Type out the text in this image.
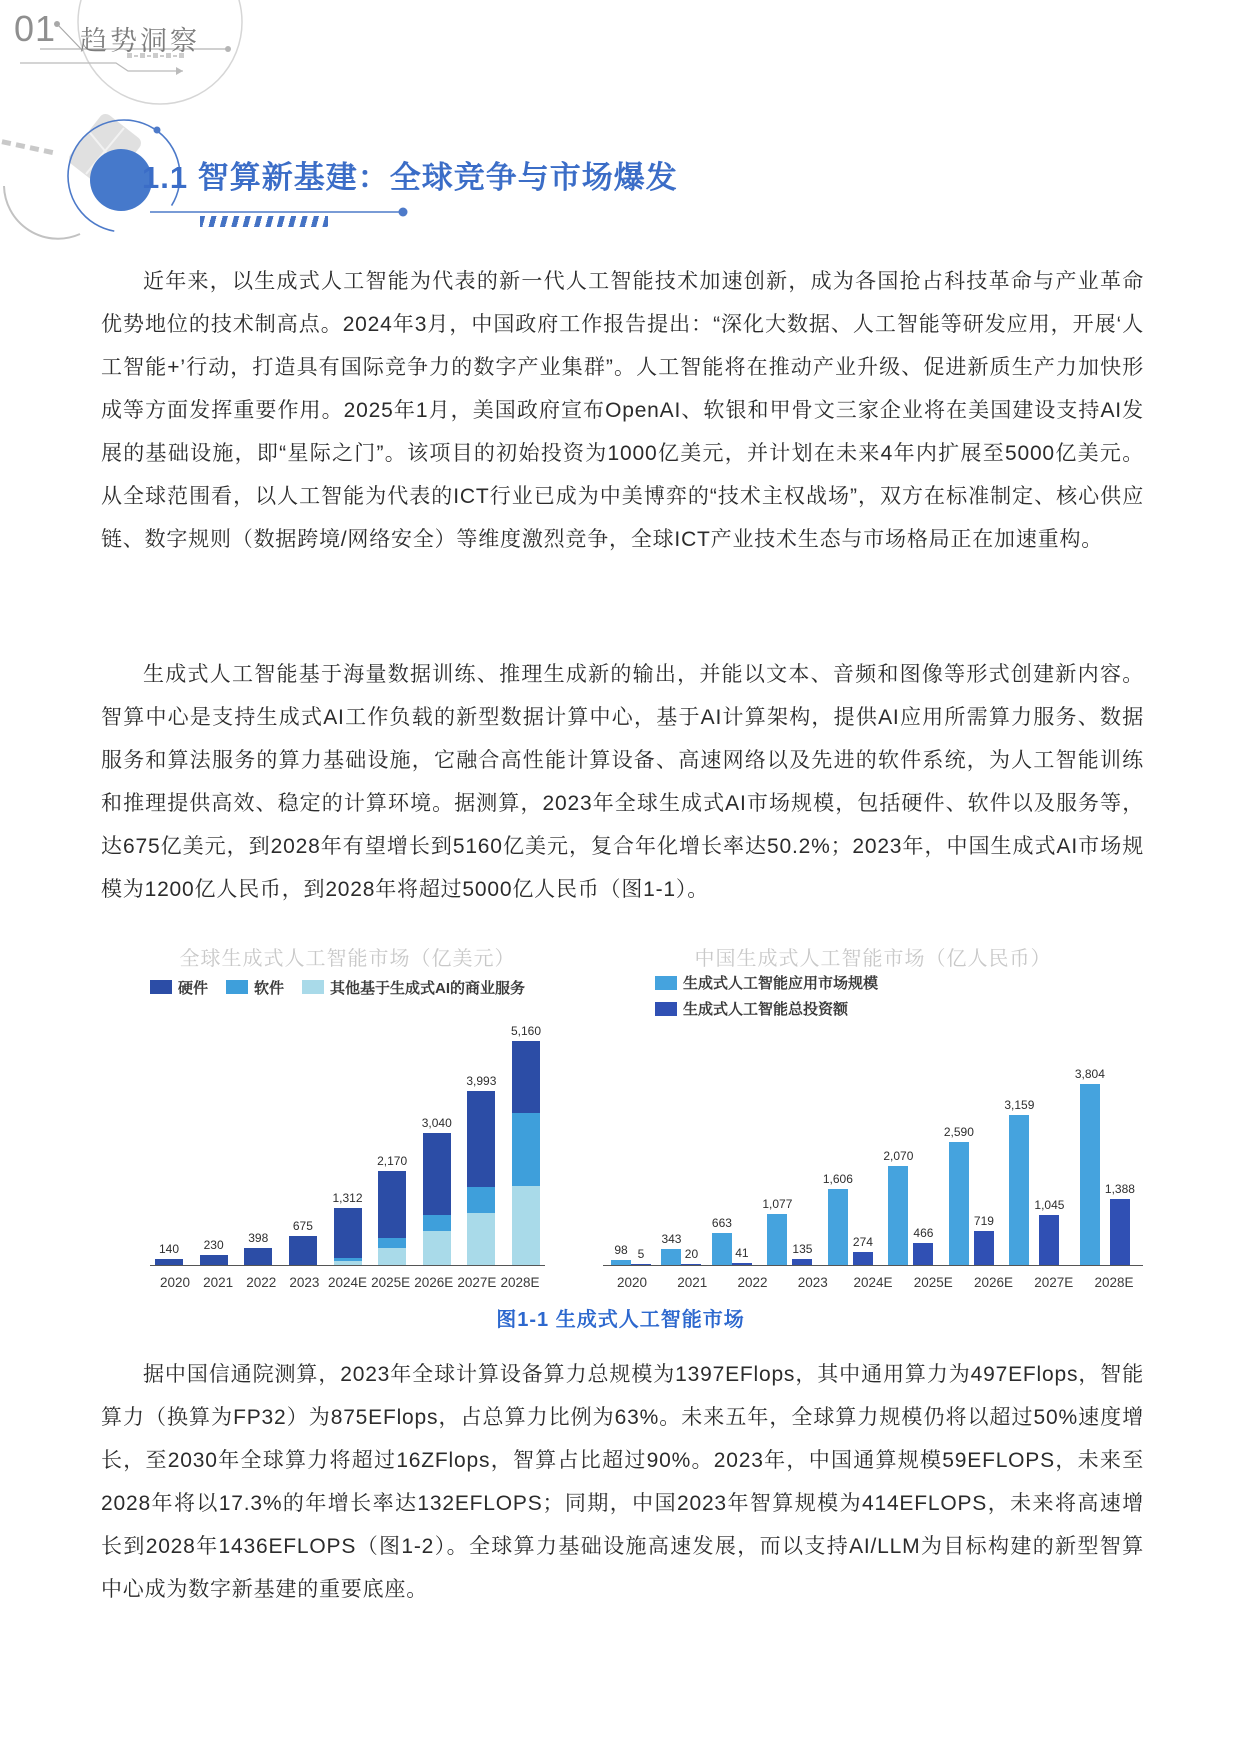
01 趋势洞察
1.1 智算新基建：全球竞争与市场爆发

近年来，以生成式人工智能为代表的新一代人工智能技术加速创新，成为各国抢占科技革命与产业革命优势地位的技术制高点。2024年3月，中国政府工作报告提出：“深化大数据、人工智能等研发应用，开展‘人工智能+’行动，打造具有国际竞争力的数字产业集群”。人工智能将在推动产业升级、促进新质生产力加快形成等方面发挥重要作用。2025年1月，美国政府宣布OpenAI、软银和甲骨文三家企业将在美国建设支持AI发展的基础设施，即“星际之门”。该项目的初始投资为1000亿美元，并计划在未来4年内扩展至5000亿美元。从全球范围看，以人工智能为代表的ICT行业已成为中美博弈的“技术主权战场”，双方在标准制定、核心供应链、数字规则（数据跨境/网络安全）等维度激烈竞争，全球ICT产业技术生态与市场格局正在加速重构。

生成式人工智能基于海量数据训练、推理生成新的输出，并能以文本、音频和图像等形式创建新内容。智算中心是支持生成式AI工作负载的新型数据计算中心，基于AI计算架构，提供AI应用所需算力服务、数据服务和算法服务的算力基础设施，它融合高性能计算设备、高速网络以及先进的软件系统，为人工智能训练和推理提供高效、稳定的计算环境。据测算，2023年全球生成式AI市场规模，包括硬件、软件以及服务等，达675亿美元，到2028年有望增长到5160亿美元，复合年化增长率达50.2%；2023年，中国生成式AI市场规模为1200亿人民币，到2028年将超过5000亿人民币（图1-1）。

全球生成式人工智能市场（亿美元）
硬件	软件	其他基于生成式AI的商业服务
140 230 398
675
1,312
2,170
3,040
3,993
5,160
2020 2021 2022 2023 2024E 2025E 2026E 2027E 2028E
中国生成式人工智能市场（亿人民币）
生成式人工智能应用市场规模
生成式人工智能总投资额
98 5
343
20
663
41
1,077
135
1,606
274
2,070
466
2,590
719
3,159
1,045
3,804
1,388
2020	2021	2022	2023	2024E 2025E 2026E 2027E 2028E
图1-1 生成式人工智能市场

据中国信通院测算，2023年全球计算设备算力总规模为1397EFlops，其中通用算力为497EFlops，智能算力（换算为FP32）为875EFlops，占总算力比例为63%。未来五年，全球算力规模仍将以超过50%速度增长，至2030年全球算力将超过16ZFlops，智算占比超过90%。2023年，中国通算规模59EFLOPS，未来至2028年将以17.3%的年增长率达132EFLOPS；同期，中国2023年智算规模为414EFLOPS，未来将高速增长到2028年1436EFLOPS（图1-2）。全球算力基础设施高速发展，而以支持AI/LLM为目标构建的新型智算中心成为数字新基建的重要底座。
